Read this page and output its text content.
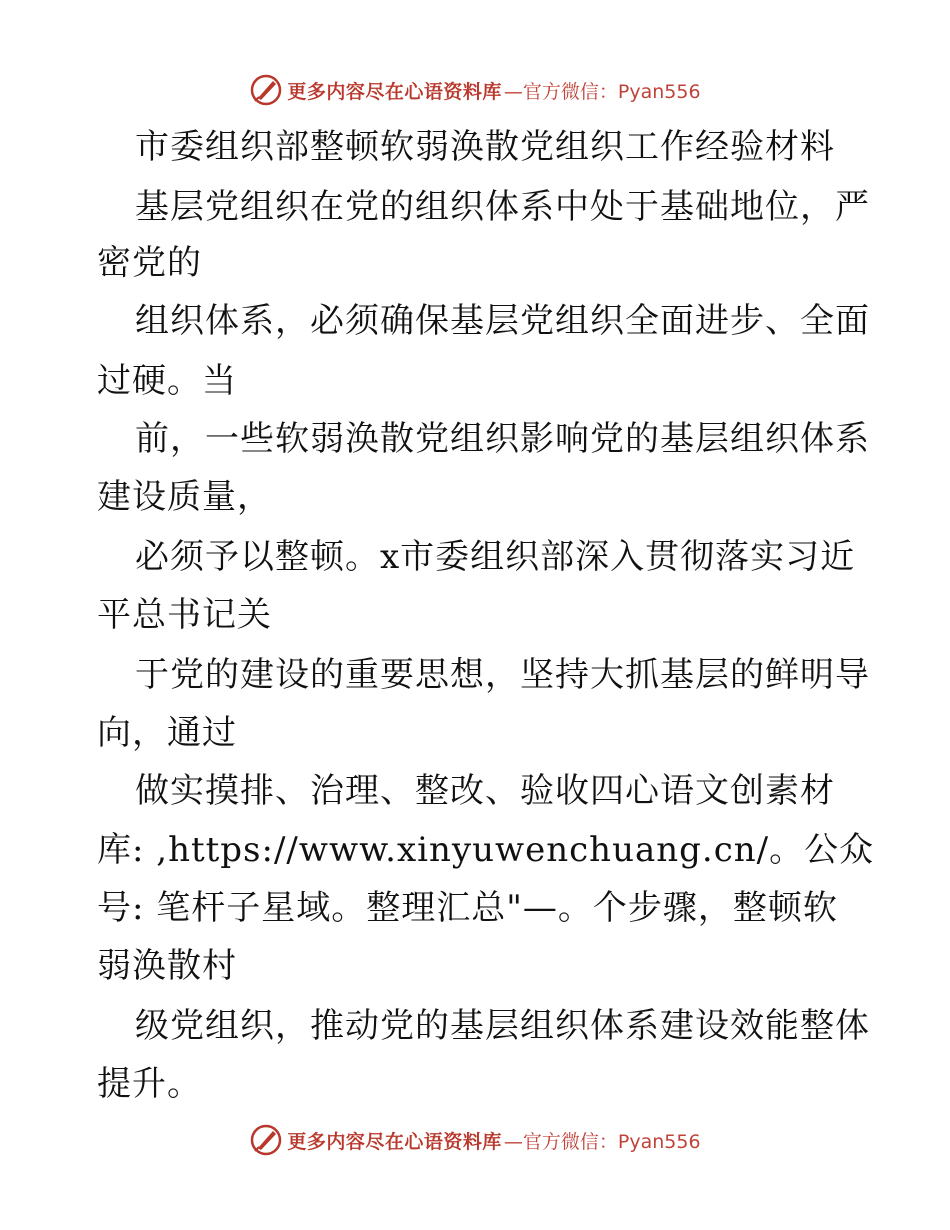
更多内容尽在心语资料库 —官方微信：Pyan556
市委组织部整顿软弱涣散党组织工作经验材料
基层党组织在党的组织体系中处于基础地位，严
密党的
组织体系，必须确保基层党组织全面进步、全面
过硬。当
前，一些软弱涣散党组织影响党的基层组织体系
建设质量，
必须予以整顿。x市委组织部深入贯彻落实习近
平总书记关
于党的建设的重要思想，坚持大抓基层的鲜明导
向，通过
做实摸排、治理、整改、验收四心语文创素材
库: ,https://www.xinyuwenchuang.cn/。公众
号: 笔杆子星域。整理汇总"—。个步骤，整顿软
弱涣散村
级党组织，推动党的基层组织体系建设效能整体
提升。
更多内容尽在心语资料库 —官方微信：Pyan556
